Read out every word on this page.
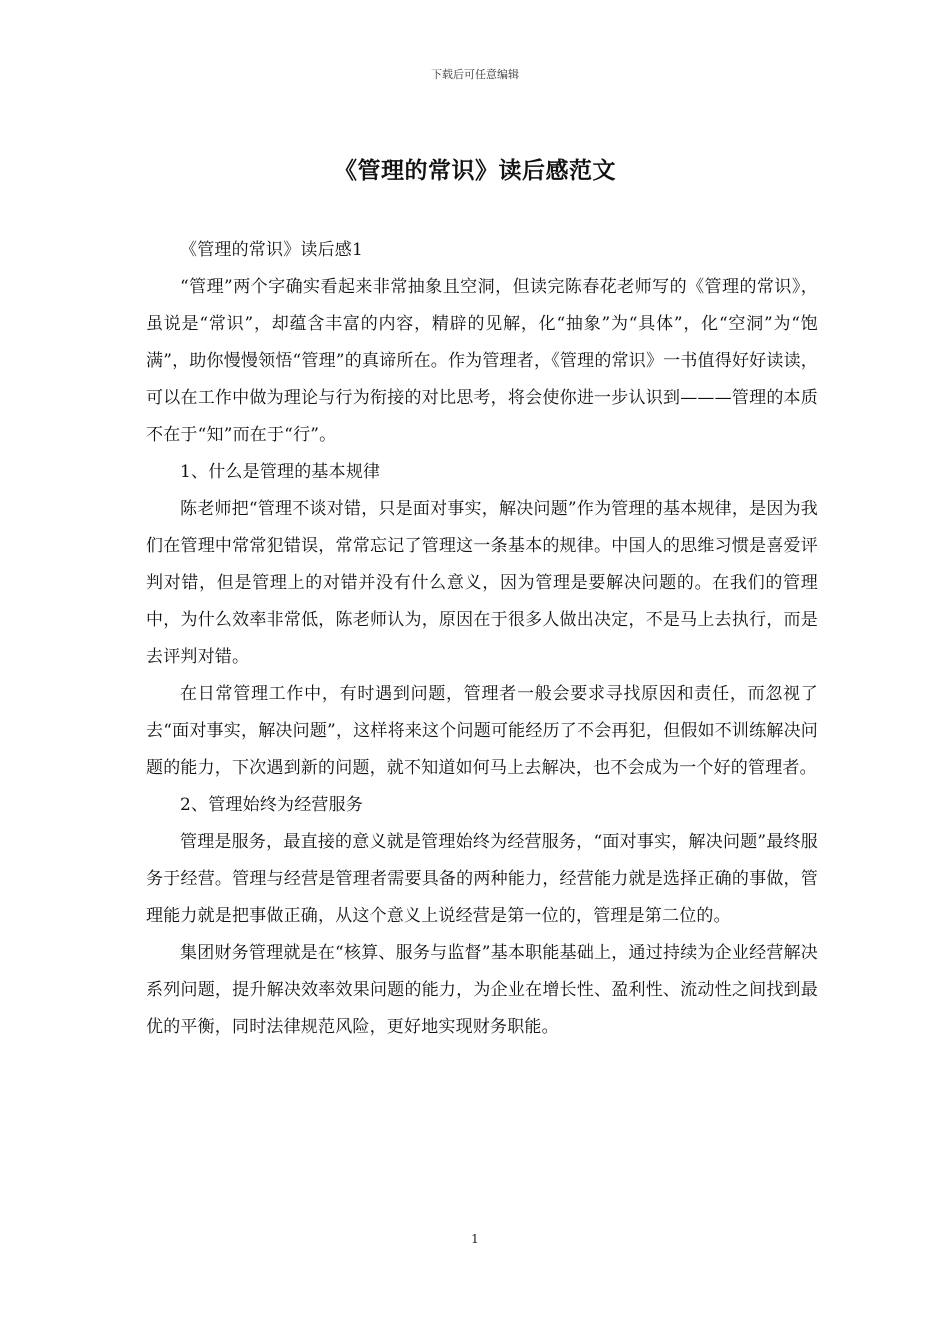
下载后可任意编辑
《管理的常识》读后感范文

《管理的常识》读后感1

“管理”两个字确实看起来非常抽象且空洞，但读完陈春花老师写的《管理的常识》，虽说是“常识”，却蕴含丰富的内容，精辟的见解，化“抽象”为“具体”，化“空洞”为“饱满”，助你慢慢领悟“管理”的真谛所在。作为管理者，《管理的常识》一书值得好好读读，可以在工作中做为理论与行为衔接的对比思考，将会使你进一步认识到———管理的本质不在于“知”而在于“行”。

1、什么是管理的基本规律

陈老师把“管理不谈对错，只是面对事实，解决问题”作为管理的基本规律，是因为我们在管理中常常犯错误，常常忘记了管理这一条基本的规律。中国人的思维习惯是喜爱评判对错，但是管理上的对错并没有什么意义，因为管理是要解决问题的。在我们的管理中，为什么效率非常低，陈老师认为，原因在于很多人做出决定，不是马上去执行，而是去评判对错。

在日常管理工作中，有时遇到问题，管理者一般会要求寻找原因和责任，而忽视了去“面对事实，解决问题”，这样将来这个问题可能经历了不会再犯，但假如不训练解决问题的能力，下次遇到新的问题，就不知道如何马上去解决，也不会成为一个好的管理者。

2、管理始终为经营服务

管理是服务，最直接的意义就是管理始终为经营服务，“面对事实，解决问题”最终服务于经营。管理与经营是管理者需要具备的两种能力，经营能力就是选择正确的事做，管理能力就是把事做正确，从这个意义上说经营是第一位的，管理是第二位的。

集团财务管理就是在“核算、服务与监督”基本职能基础上，通过持续为企业经营解决系列问题，提升解决效率效果问题的能力，为企业在增长性、盈利性、流动性之间找到最优的平衡，同时法律规范风险，更好地实现财务职能。

1
